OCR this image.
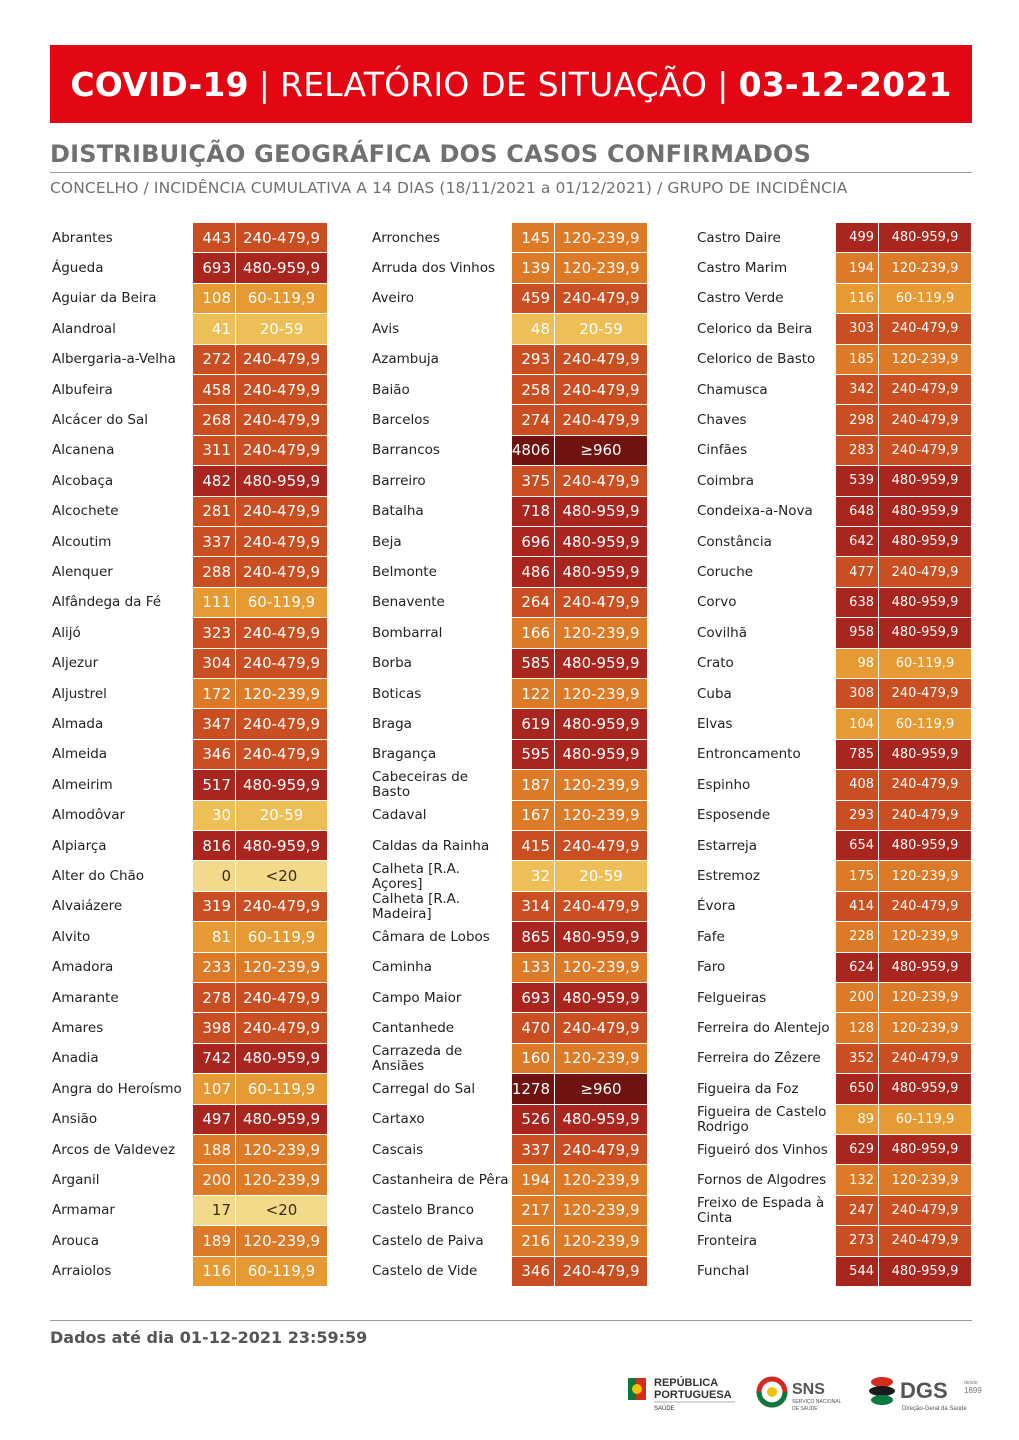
COVID-19 | RELATÓRIO DE SITUAÇÃO | 03-12-2021
DISTRIBUIÇÃO GEOGRÁFICA DOS CASOS CONFIRMADOS
CONCELHO / INCIDÊNCIA CUMULATIVA A 14 DIAS (18/11/2021 a 01/12/2021) / GRUPO DE INCIDÊNCIA
Abrantes	443 240-479,9
Águeda	693 480-959,9
Aguiar da Beira	108	60-119,9
Alandroal	41	20-59
Albergaria-a-Velha	272 240-479,9
Albufeira	458 240-479,9
Alcácer do Sal	268 240-479,9
Alcanena	311 240-479,9
Alcobaça	482 480-959,9
Alcochete	281 240-479,9
Alcoutim	337 240-479,9
Alenquer	288 240-479,9
Alfândega da Fé	111	60-119,9
Alijó	323 240-479,9
Aljezur	304 240-479,9
Aljustrel	172 120-239,9
Almada	347 240-479,9
Almeida	346 240-479,9
Almeirim	517 480-959,9
Almodôvar	30	20-59
Alpiarça	816 480-959,9
Alter do Chão	0	<20
Alvaiázere	319 240-479,9
Alvito	81	60-119,9
Amadora	233 120-239,9
Amarante	278 240-479,9
Amares	398 240-479,9
Anadia	742 480-959,9
Angra do Heroísmo	107	60-119,9
Ansião	497 480-959,9
Arcos de Valdevez	188 120-239,9
Arganil	200 120-239,9
Armamar	17	<20
Arouca	189 120-239,9
Arraiolos	116	60-119,9
Arronches	145 120-239,9
Arruda dos Vinhos	139 120-239,9
Aveiro	459 240-479,9
Avis	48	20-59
Azambuja	293 240-479,9
Baião	258 240-479,9
Barcelos	274 240-479,9
Barrancos	4806	≥960
Barreiro	375 240-479,9
Batalha	718 480-959,9
Beja	696 480-959,9
Belmonte	486 480-959,9
Benavente	264 240-479,9
Bombarral	166 120-239,9
Borba	585 480-959,9
Boticas	122 120-239,9
Braga	619 480-959,9
Bragança	595 480-959,9
Cabeceiras de Basto	187 120-239,9
Cadaval	167 120-239,9
Caldas da Rainha	415 240-479,9
Calheta [R.A. Açores]	32	20-59
Calheta [R.A. Madeira]	314 240-479,9
Câmara de Lobos	865 480-959,9
Caminha	133 120-239,9
Campo Maior	693 480-959,9
Cantanhede	470 240-479,9
Carrazeda de Ansiães	160 120-239,9
Carregal do Sal	1278	≥960
Cartaxo	526 480-959,9
Cascais	337 240-479,9
Castanheira de Pêra 194 120-239,9
Castelo Branco	217 120-239,9
Castelo de Paiva	216 120-239,9
Castelo de Vide	346 240-479,9
Castro Daire	499	480-959,9
Castro Marim	194	120-239,9
Castro Verde	116	60-119,9
Celorico da Beira	303	240-479,9
Celorico de Basto	185	120-239,9
Chamusca	342	240-479,9
Chaves	298	240-479,9
Cinfães	283	240-479,9
Coimbra	539	480-959,9
Condeixa-a-Nova	648	480-959,9
Constância	642	480-959,9
Coruche	477	240-479,9
Corvo	638	480-959,9
Covilhã	958	480-959,9
Crato	98	60-119,9
Cuba	308	240-479,9
Elvas	104	60-119,9
Entroncamento	785	480-959,9
Espinho	408	240-479,9
Esposende	293	240-479,9
Estarreja	654	480-959,9
Estremoz	175	120-239,9
Évora	414	240-479,9
Fafe	228	120-239,9
Faro	624	480-959,9
Felgueiras	200	120-239,9
Ferreira do Alentejo	128	120-239,9
Ferreira do Zêzere	352	240-479,9
Figueira da Foz	650	480-959,9
Figueira de Castelo Rodrigo	89	60-119,9
Figueiró dos Vinhos	629	480-959,9
Fornos de Algodres	132	120-239,9
Freixo de Espada à Cinta	247	240-479,9
Fronteira	273	240-479,9
Funchal	544	480-959,9
Dados até dia 01-12-2021 23:59:59
REPÚBLICA
PORTUGUESA
SAÚDE
SNS
SERVIÇO NACIONAL
DE SAÚDE
DGS	desde
1899
Direção-Geral da Saúde
